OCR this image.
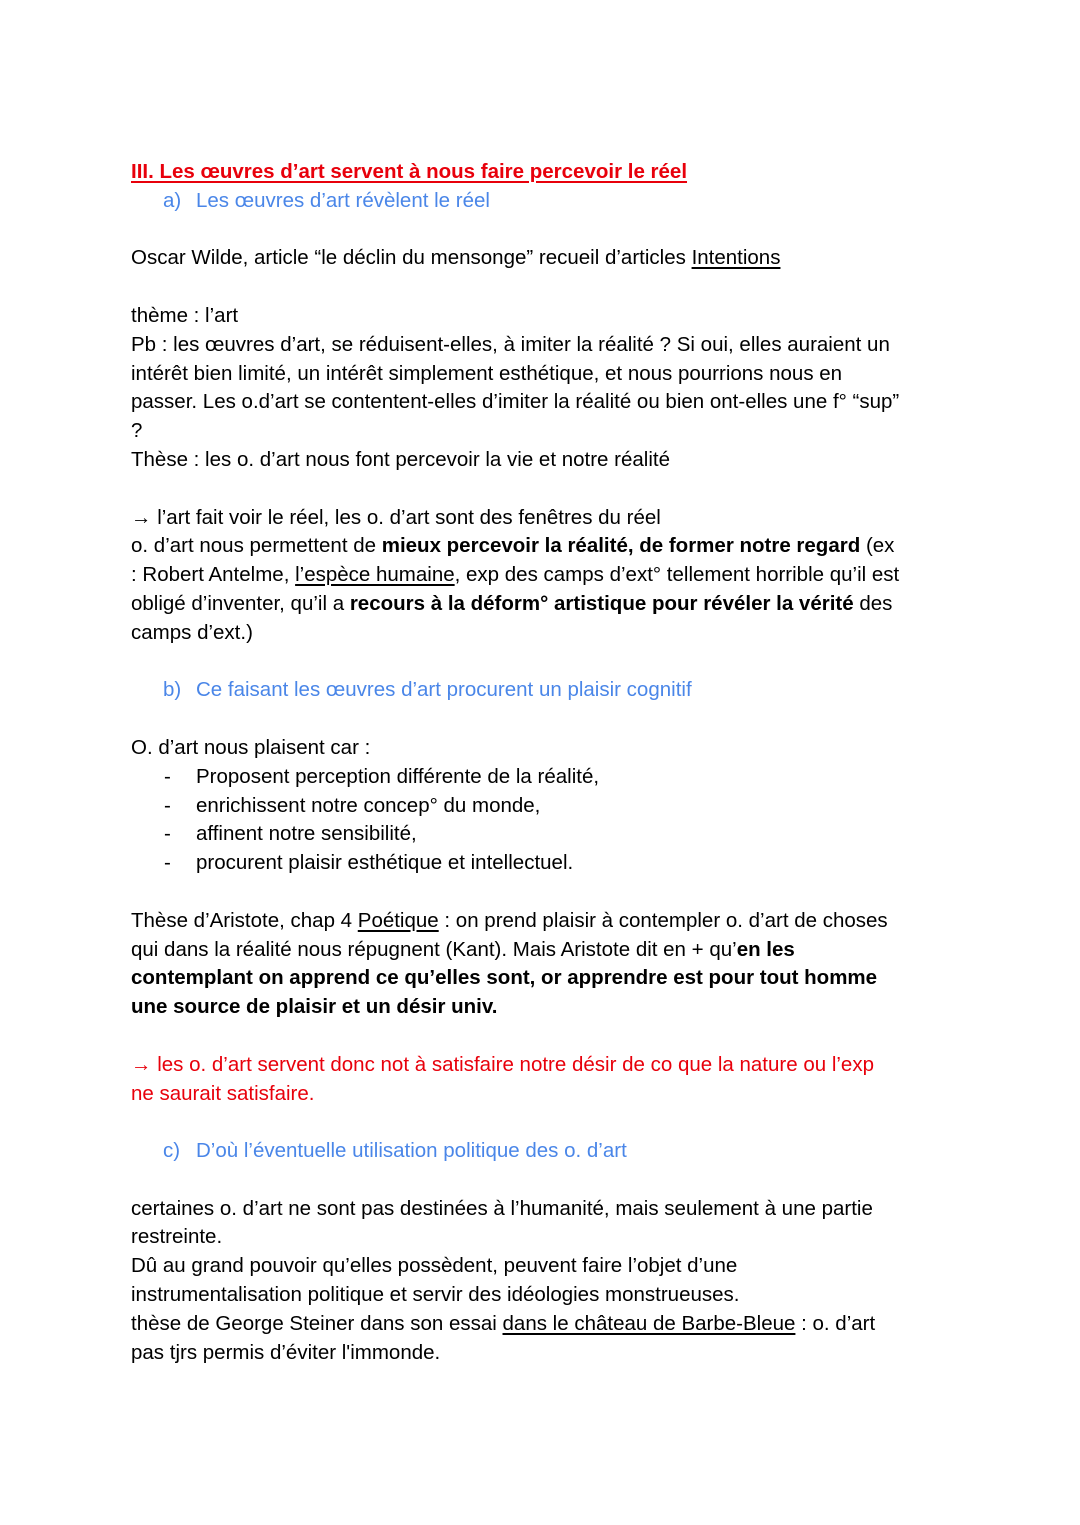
III. Les œuvres d’art servent à nous faire percevoir le réel

a) Les œuvres d’art révèlent le réel

Oscar Wilde, article “le déclin du mensonge” recueil d’articles Intentions

thème : l’art

Pb : les œuvres d’art, se réduisent-elles, à imiter la réalité ? Si oui, elles auraient un

intérêt bien limité, un intérêt simplement esthétique, et nous pourrions nous en

passer. Les o.d’art se contentent-elles d’imiter la réalité ou bien ont-elles une f° “sup”

?

Thèse : les o. d’art nous font percevoir la vie et notre réalité

→ l’art fait voir le réel, les o. d’art sont des fenêtres du réel

o. d’art nous permettent de mieux percevoir la réalité, de former notre regard (ex

: Robert Antelme, l’espèce humaine, exp des camps d’ext° tellement horrible qu’il est

obligé d’inventer, qu’il a recours à la déform° artistique pour révéler la vérité des

camps d’ext.)

b) Ce faisant les œuvres d’art procurent un plaisir cognitif

O. d’art nous plaisent car :

- Proposent perception différente de la réalité,
- enrichissent notre concep° du monde,
- affinent notre sensibilité,
- procurent plaisir esthétique et intellectuel.

Thèse d’Aristote, chap 4 Poétique : on prend plaisir à contempler o. d’art de choses

qui dans la réalité nous répugnent (Kant). Mais Aristote dit en + qu’en les

contemplant on apprend ce qu’elles sont, or apprendre est pour tout homme

une source de plaisir et un désir univ.

→ les o. d’art servent donc not à satisfaire notre désir de co que la nature ou l’exp

ne saurait satisfaire.

c) D’où l’éventuelle utilisation politique des o. d’art

certaines o. d’art ne sont pas destinées à l’humanité, mais seulement à une partie

restreinte.

Dû au grand pouvoir qu’elles possèdent, peuvent faire l’objet d’une

instrumentalisation politique et servir des idéologies monstrueuses.

thèse de George Steiner dans son essai dans le château de Barbe-Bleue : o. d’art

pas tjrs permis d’éviter l'immonde.
